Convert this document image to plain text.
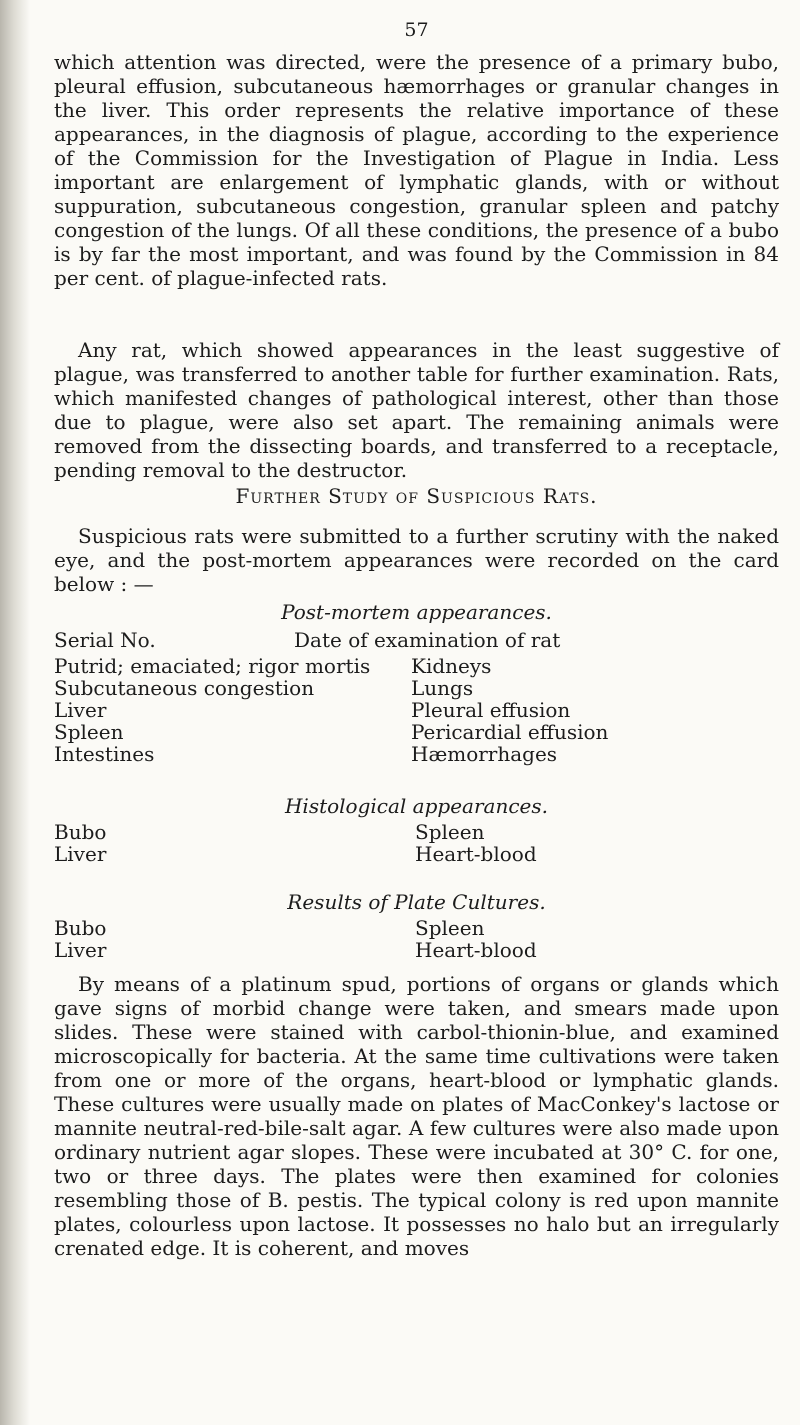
57
which attention was directed, were the presence of a primary bubo, pleural effusion, subcutaneous hæmorrhages or granular changes in the liver. This order represents the relative importance of these appearances, in the diagnosis of plague, according to the experience of the Commission for the Investigation of Plague in India. Less important are enlargement of lymphatic glands, with or without suppuration, subcutaneous congestion, granular spleen and patchy congestion of the lungs. Of all these conditions, the presence of a bubo is by far the most important, and was found by the Commission in 84 per cent. of plague-infected rats.
Any rat, which showed appearances in the least suggestive of plague, was transferred to another table for further examination. Rats, which manifested changes of pathological interest, other than those due to plague, were also set apart. The remaining animals were removed from the dissecting boards, and transferred to a receptacle, pending removal to the destructor.
Further Study of Suspicious Rats.
Suspicious rats were submitted to a further scrutiny with the naked eye, and the post-mortem appearances were recorded on the card below : —
Post-mortem appearances.
Serial No.	Date of examination of rat
Putrid; emaciated; rigor mortis
Subcutaneous congestion
Liver
Spleen
Intestines
Kidneys
Lungs
Pleural effusion
Pericardial effusion
Hæmorrhages
Histological appearances.
Bubo
Liver
Spleen
Heart-blood
Results of Plate Cultures.
Bubo
Liver
Spleen
Heart-blood
By means of a platinum spud, portions of organs or glands which gave signs of morbid change were taken, and smears made upon slides. These were stained with carbol-thionin-blue, and examined microscopically for bacteria. At the same time cultivations were taken from one or more of the organs, heart-blood or lymphatic glands. These cultures were usually made on plates of MacConkey's lactose or mannite neutral-red-bile-salt agar. A few cultures were also made upon ordinary nutrient agar slopes. These were incubated at 30° C. for one, two or three days. The plates were then examined for colonies resembling those of B. pestis. The typical colony is red upon mannite plates, colourless upon lactose. It possesses no halo but an irregularly crenated edge. It is coherent, and moves
